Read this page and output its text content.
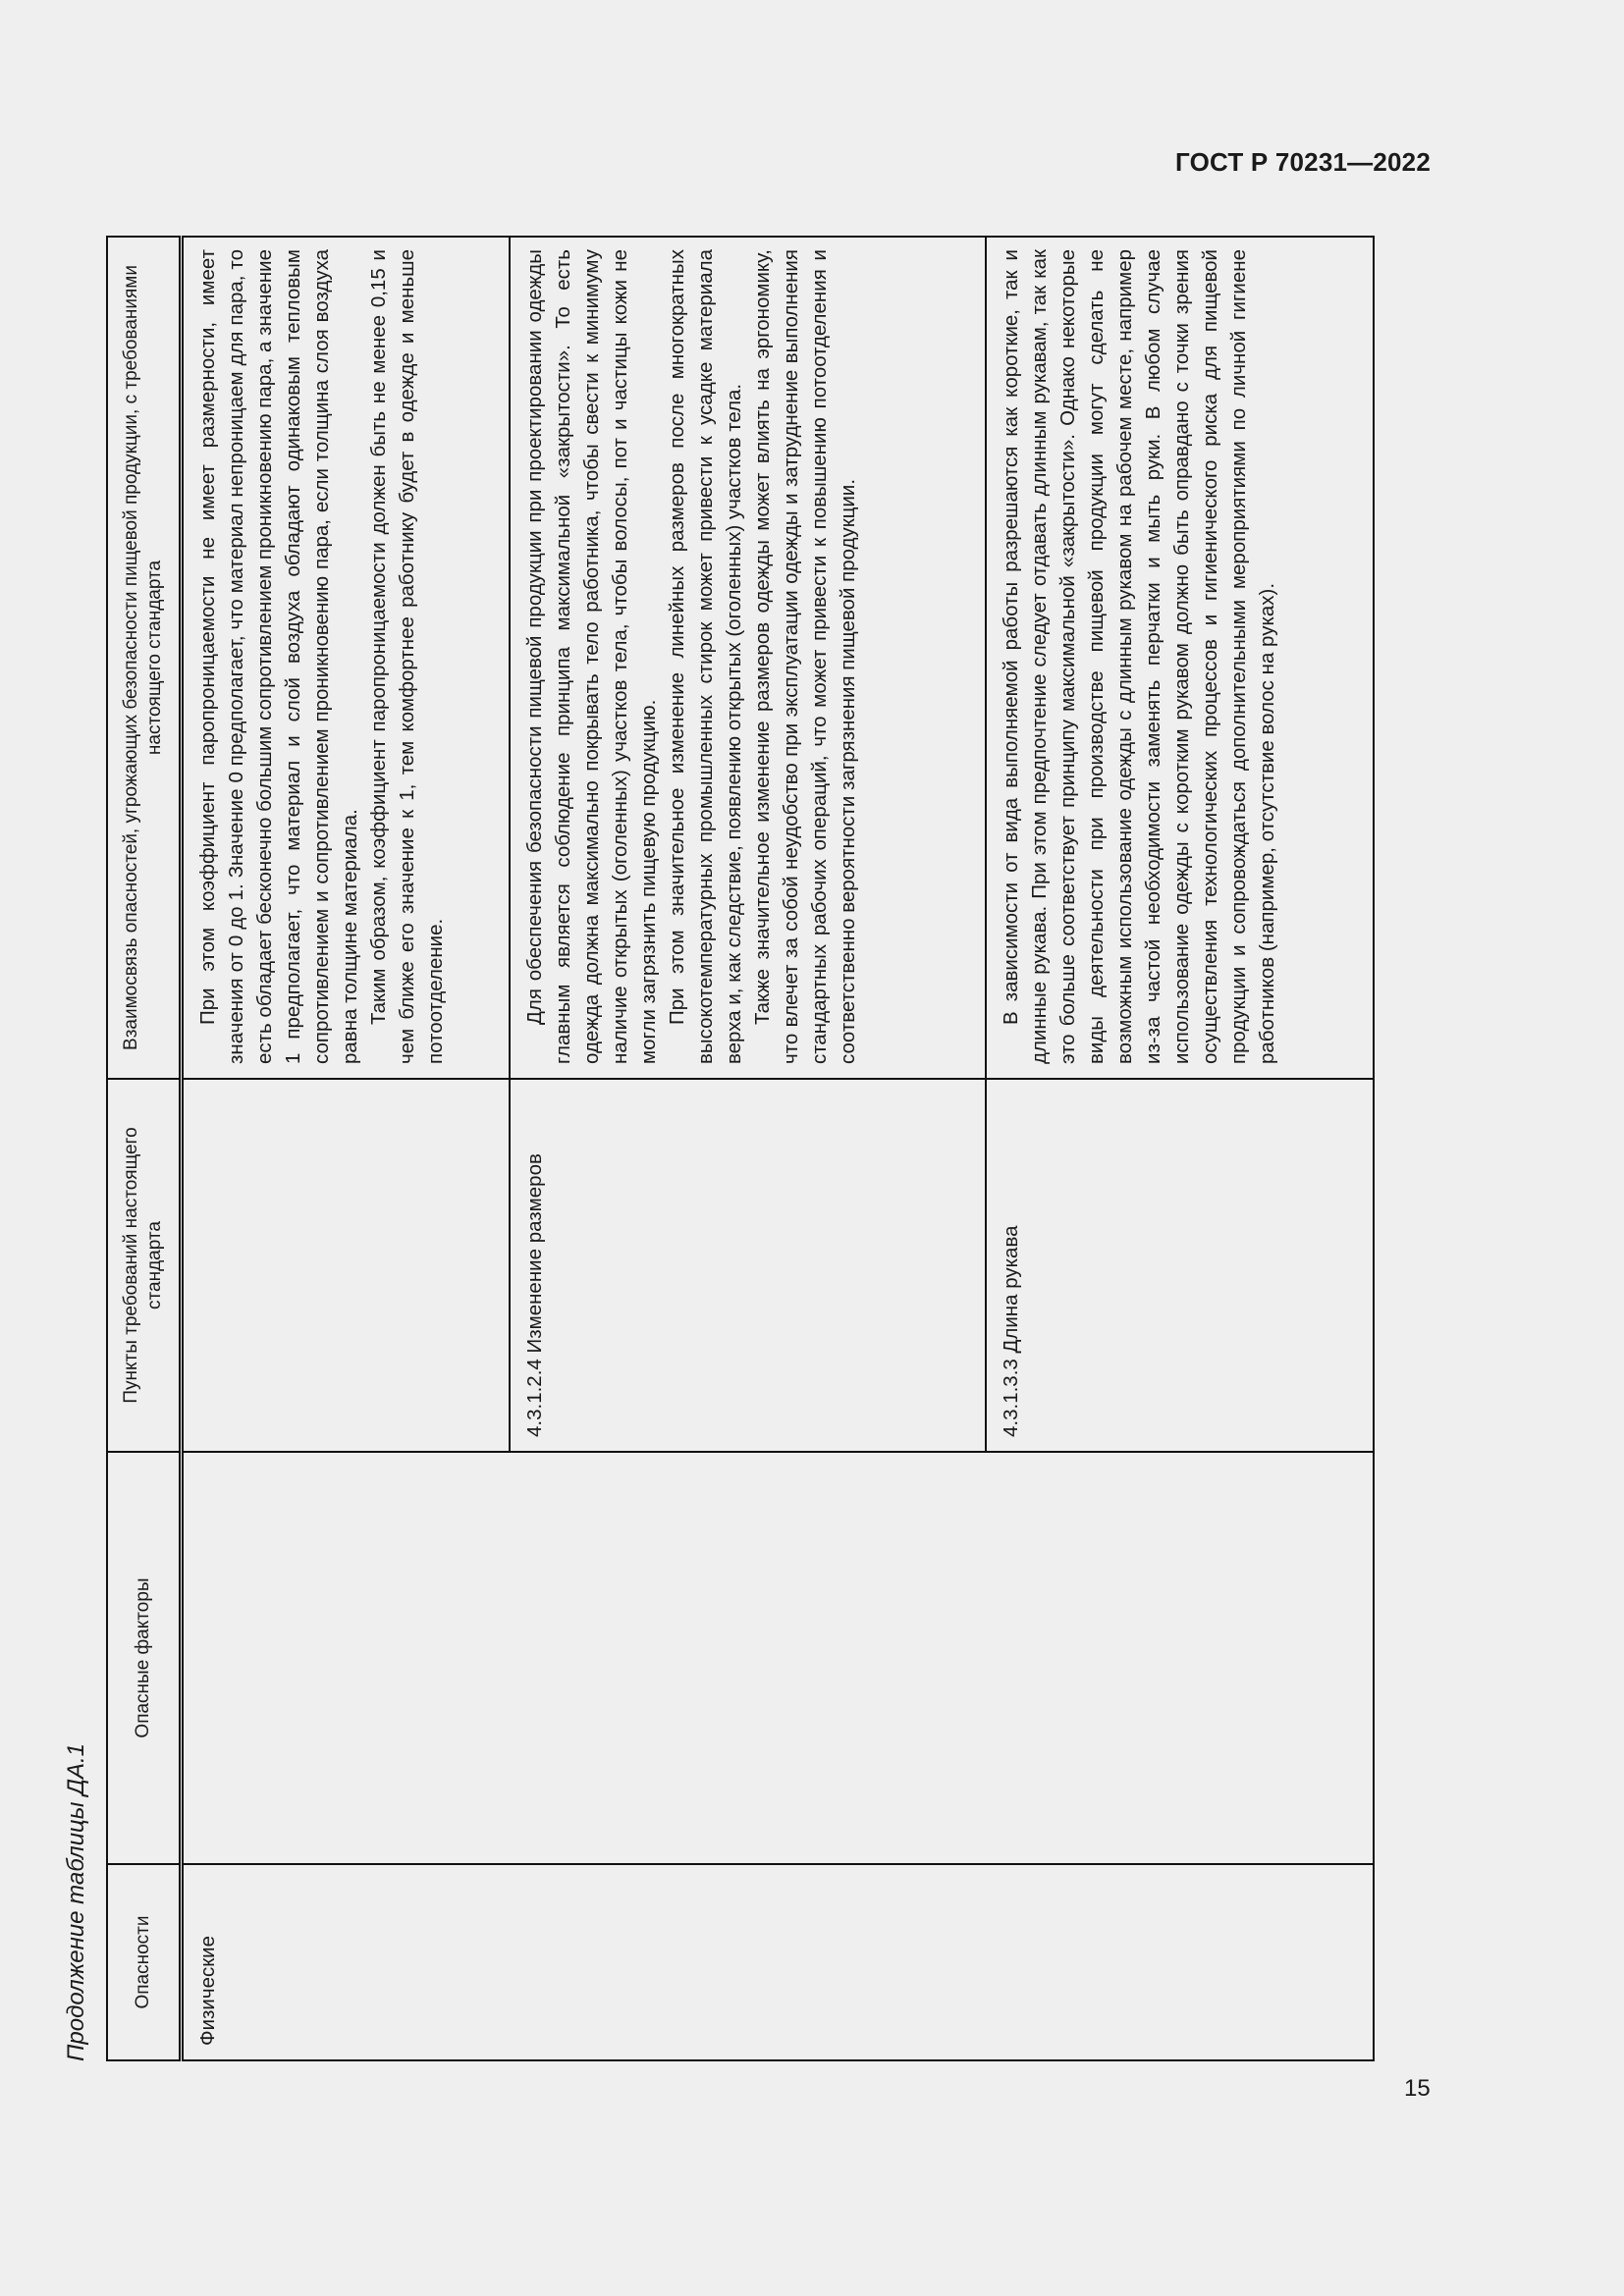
ГОСТ Р 70231—2022
Продолжение таблицы ДА.1 Опасности	Опасные факторы	Пункты требований настоящего стандарта	Взаимосвязь опасностей, угрожающих безопасности пищевой продукции, с требованиями настоящего стандарта
Физические			При этом коэффициент паропроницаемости не имеет размерности, имеет значения от 0 до 1. Значение 0 предполагает, что материал непроницаем для пара, то есть обладает бесконечно большим сопротивлением проникновению пара, а значение 1 предполагает, что материал и слой воздуха обладают одинаковым тепловым сопротивлением и сопротивлением проникновению пара, если толщина слоя воздуха равна толщине материала. Таким образом, коэффициент паропроницаемости должен быть не менее 0,15 и чем ближе его значение к 1, тем комфортнее работнику будет в одежде и меньше потоотделение.

		4.3.1.2.4 Изменение размеров	Для обеспечения безопасности пищевой продукции при проектировании одежды главным является соблюдение принципа максимальной «закрытости». То есть одежда должна максимально покрывать тело работника, чтобы свести к минимуму наличие открытых (оголенных) участков тела, чтобы волосы, пот и частицы кожи не могли загрязнить пищевую продукцию. При этом значительное изменение линейных размеров после многократных высокотемпературных промышленных стирок может привести к усадке материала верха и, как следствие, появлению открытых (оголенных) участков тела. Также значительное изменение размеров одежды может влиять на эргономику, что влечет за собой неудобство при эксплуатации одежды и затруднение выполнения стандартных рабочих операций, что может привести к повышению потоотделения и соответственно вероятности загрязнения пищевой продукции.

		4.3.1.3.3 Длина рукава	В зависимости от вида выполняемой работы разрешаются как короткие, так и длинные рукава. При этом предпочтение следует отдавать длинным рукавам, так как это больше соответствует принципу максимальной «закрытости». Однако некоторые виды деятельности при производстве пищевой продукции могут сделать не возможным использование одежды с длинным рукавом на рабочем месте, например из-за частой необходимости заменять перчатки и мыть руки. В любом случае использование одежды с коротким рукавом должно быть оправдано с точки зрения осуществления технологических процессов и гигиенического риска для пищевой продукции и сопровождаться дополнительными мероприятиями по личной гигиене работников (например, отсутствие волос на руках).

15
